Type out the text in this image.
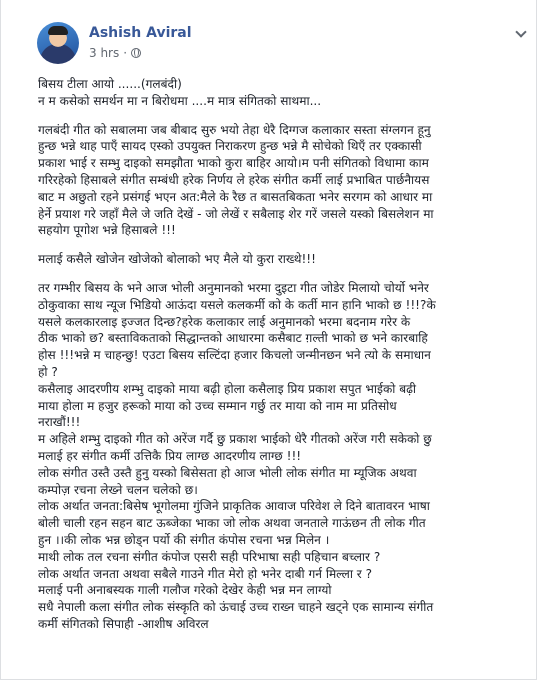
Ashish Aviral
3 hrs ·

बिसय टीला आयो ......(गलबंदी)
न म कसेको समर्थन मा न बिरोधमा ....म मात्र संगितको साथमा...

गलबंदी गीत को सबालमा जब बीबाद सुरु भयो तेहा धेरै दिग्गज कलाकार सस्ता संग्लगन हूनु
हुन्छ भन्ने थाह पाएँ सायद एस्को उपयुक्त निराकरण हुन्छ भन्ने मै सोचेको थिएँ तर एक्कासी
प्रकाश भाई र सम्भु दाइको समझौता भाको कुरा बाहिर आयो।म पनी संगितको विधामा काम
गरिरहेको हिसाबले संगीत सम्बंधी हरेक निर्णय ले हरेक संगीत कर्मी लाई प्रभाबित पार्छनैायस
बाट म अछुतो रहने प्रसंगई भएन अत:मैले के रैछ त बासतबिकता भनेर सरगम को आधार मा
हेर्ने प्रयाश गरे जहाँ मैले जे जति देखें - जो लेखें र सबैलाइ शेर गरें जसले यस्को बिसलेशन मा
सहयोग पूगोश भन्ने हिसाबले !!!

मलाई कसैले खोजेन खोजेको बोलाको भए मैले यो कुरा राख्थे!!!

तर गम्भीर बिसय के भने आज भोली अनुमानको भरमा दुइटा गीत जोडेर मिलायो चोर्यो भनेर
ठोकुवाका साथ न्यूज भिडियो आऊंदा यसले कलकर्मी को के कर्ती मान हानि भाको छ !!!?के
यसले कलकारलाइ इज्जत दिन्छ?हरेक कलाकार लाई अनुमानको भरमा बदनाम गरेर के
ठीक भाको छ? बस्ताविकताको सिद्धान्तको आधारमा कसैबाट ग़ल्ती भाको छ भने कारबाहि
होस !!!भन्ने म चाहन्छु! एउटा बिसय सल्टिंदा हजार किचलो जन्मीनछन भने त्यो के समाधान
हो ?
कसैलाइ आदरणीय शम्भु दाइको माया बढ़ी होला कसैलाइ प्रिय प्रकाश सपुत भाईको बढ़ी
माया होला म हजुर हरूको माया को उच्च सम्मान गर्छु तर माया को नाम मा प्रतिसोध
नराखौं!!!
म अहिले शम्भु दाइको गीत को अरेंज गर्दै छु प्रकाश भाईको धेरै गीतको अरेंज गरी सकेको छु
मलाई हर संगीत कर्मी उत्तिकै प्रिय लाग्छ आदरणीय लाग्छ !!!
लोक संगीत उस्तै उस्तै हुनु यस्को बिसेसता हो आज भोली लोक संगीत मा म्यूजिक अथवा
कम्पोज़ रचना लेख्ने चलन चलेको छ।
लोक अर्थात जनता:बिसेष भूगोलमा गुंजिने प्राकृतिक आवाज परिवेश ले दिने बातावरन भाषा
बोली चाली रहन सहन बाट ऊब्जेका भाका जो लोक अथवा जनताले गाऊंछन ती लोक गीत
हुन ।।की लोक भन्न छोड्न पर्यो की संगीत कंपोस रचना भन्न मिलेन ।
माथी लोक तल रचना संगीत कंपोज एसरी सही परिभाषा सही पहिचान बच्लार ?
लोक अर्थात जनता अथवा सबैले गाउने गीत मेरो हो भनेर दाबी गर्न मिल्ला र ?
मलाई पनी अनाबस्यक गाली गलौज गरेको देखेर केही भन्न मन लाग्यो
सधै नेपाली कला संगीत लोक संस्कृति को ऊंचाई उच्च राख्न चाहने खट्ने एक सामान्य संगीत
कर्मी संगितको सिपाही -आशीष अविरल
